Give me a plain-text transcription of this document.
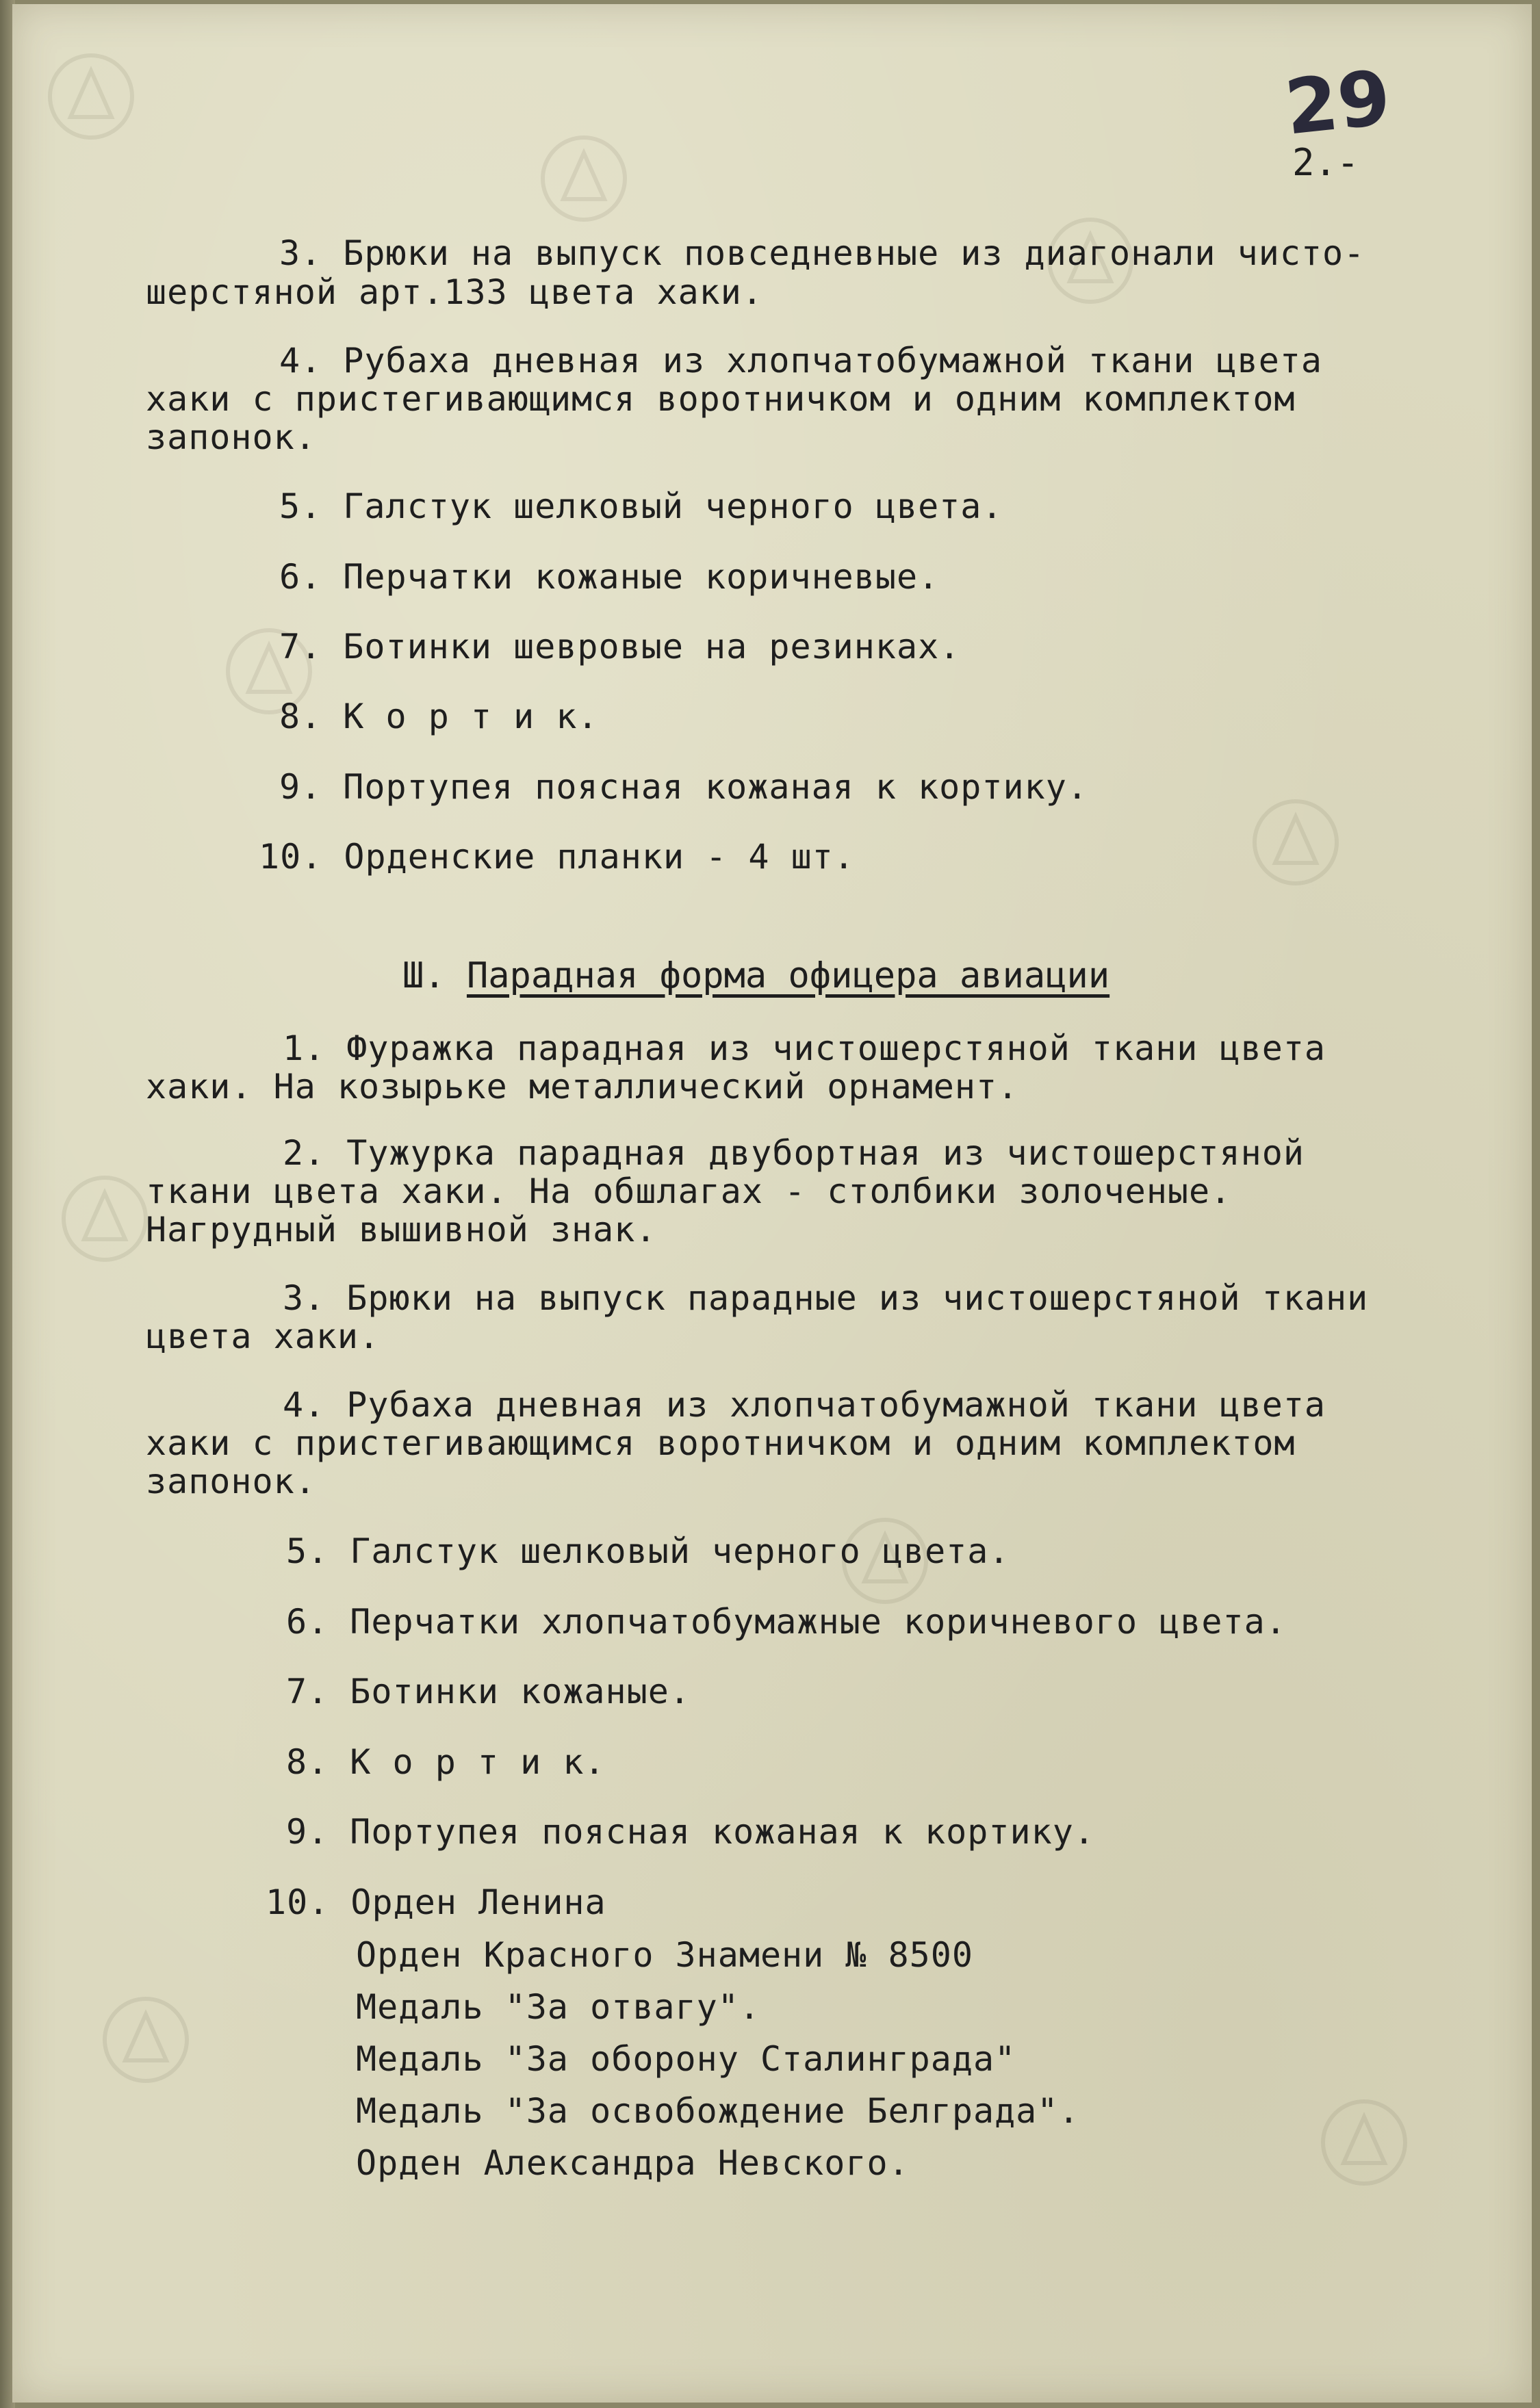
29
2.-
3. Брюки на выпуск повседневные из диагонали чисто-
шерстяной арт.133 цвета хаки.
4. Рубаха дневная из хлопчатобумажной ткани цвета
хаки с пристегивающимся воротничком и одним комплектом
запонок.
5. Галстук шелковый черного цвета.
6. Перчатки кожаные коричневые.
7. Ботинки шевровые на резинках.
8. К о р т и к.
9. Портупея поясная кожаная к кортику.
10. Орденские планки - 4 шт.
Ш. Парадная форма офицера авиации
1. Фуражка парадная из чистошерстяной ткани цвета
хаки. На козырьке металлический орнамент.
2. Тужурка парадная двубортная из чистошерстяной
ткани цвета хаки. На обшлагах - столбики золоченые.
Нагрудный вышивной знак.
3. Брюки на выпуск парадные из чистошерстяной ткани
цвета хаки.
4. Рубаха дневная из хлопчатобумажной ткани цвета
хаки с пристегивающимся воротничком и одним комплектом
запонок.
5. Галстук шелковый черного цвета.
6. Перчатки хлопчатобумажные коричневого цвета.
7. Ботинки кожаные.
8. К о р т и к.
9. Портупея поясная кожаная к кортику.
10. Орден Ленина
Орден Красного Знамени № 8500
Медаль "За отвагу".
Медаль "За оборону Сталинграда"
Медаль "За освобождение Белграда".
Орден Александра Невского.
